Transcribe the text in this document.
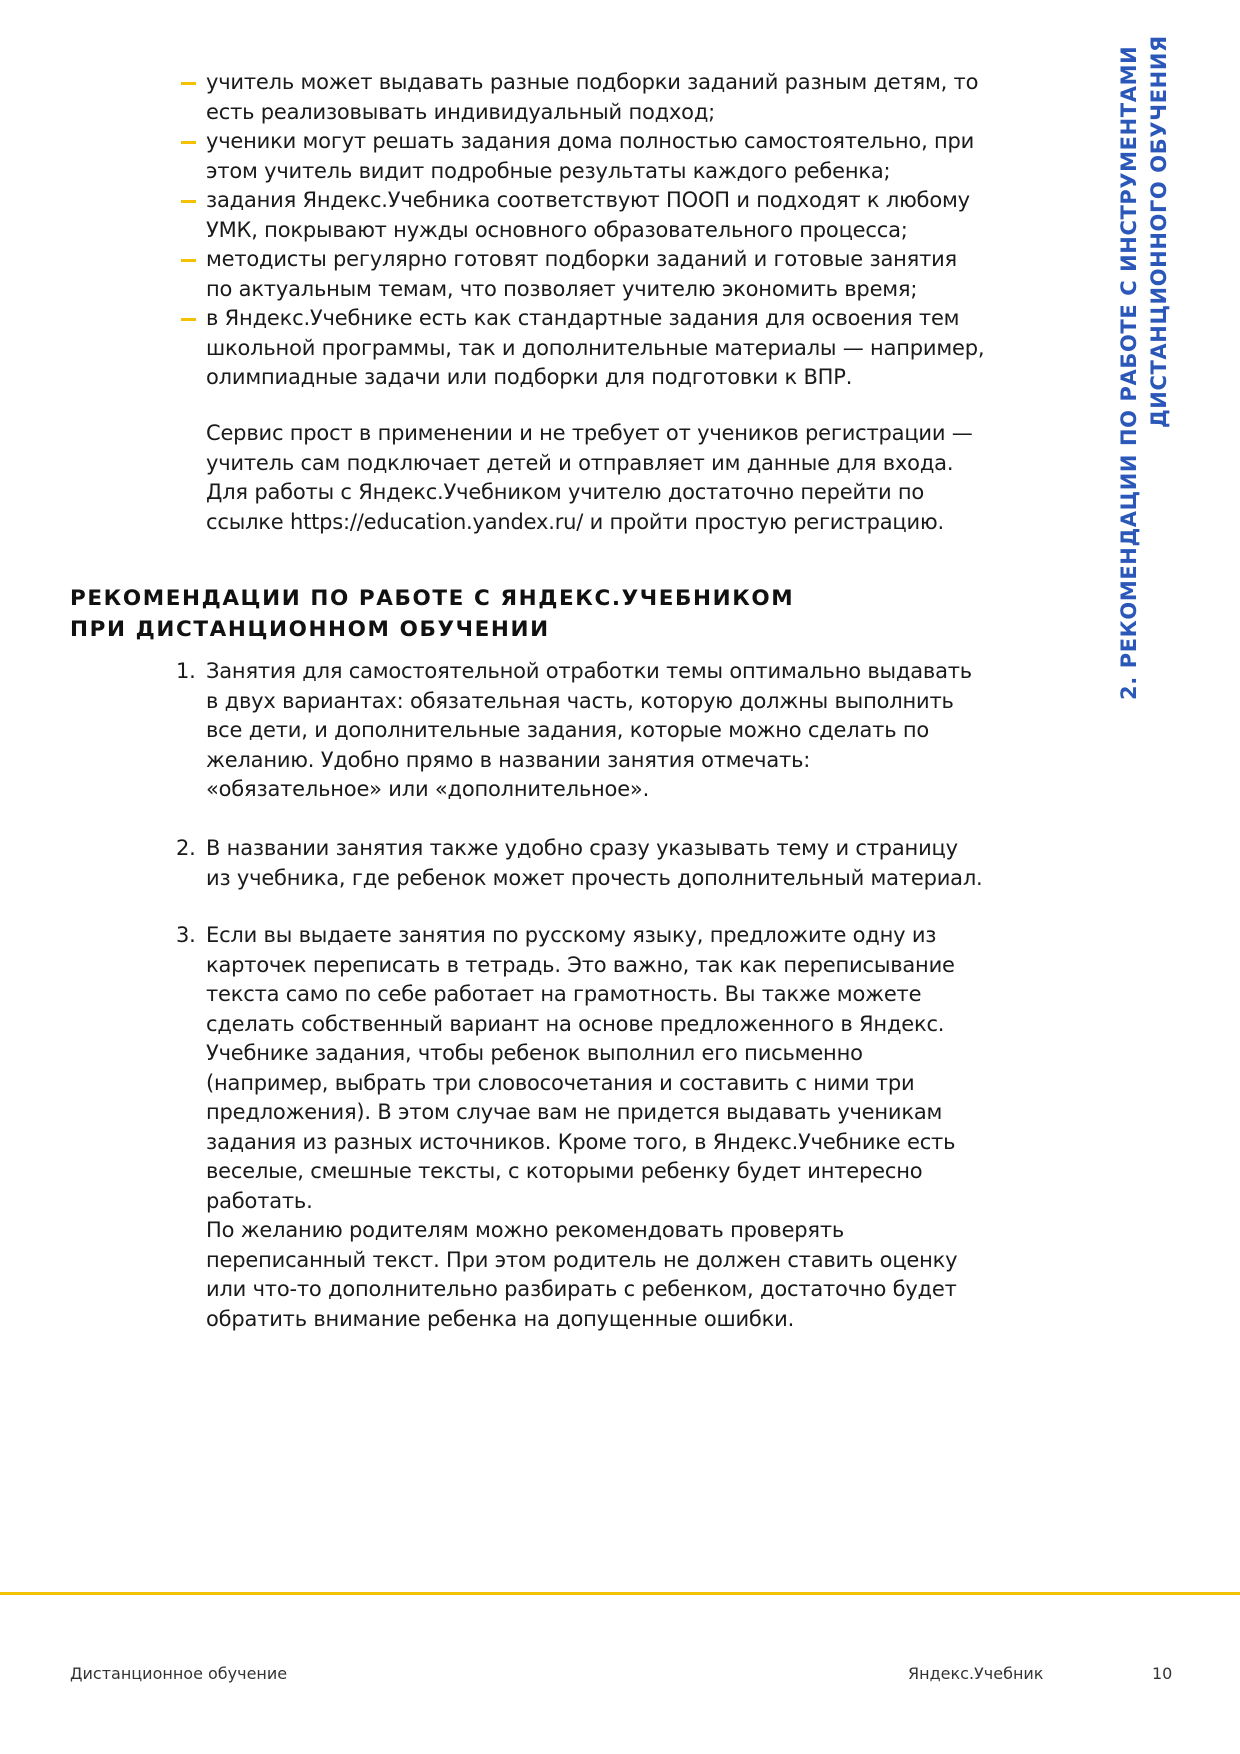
учитель может выдавать разные подборки заданий разным детям, то есть реализовывать индивидуальный подход;
ученики могут решать задания дома полностью самостоятельно, при этом учитель видит подробные результаты каждого ребенка;
задания Яндекс.Учебника соответствуют ПООП и подходят к любому УМК, покрывают нужды основного образовательного процесса;
методисты регулярно готовят подборки заданий и готовые занятия по актуальным темам, что позволяет учителю экономить время;
в Яндекс.Учебнике есть как стандартные задания для освоения тем школьной программы, так и дополнительные материалы — например, олимпиадные задачи или подборки для подготовки к ВПР.

Сервис прост в применении и не требует от учеников регистрации — учитель сам подключает детей и отправляет им данные для входа. Для работы с Яндекс.Учебником учителю достаточно перейти по ссылке https://education.yandex.ru/ и пройти простую регистрацию.

РЕКОМЕНДАЦИИ ПО РАБОТЕ С ЯНДЕКС.УЧЕБНИКОМ
ПРИ ДИСТАНЦИОННОМ ОБУЧЕНИИ
1. Занятия для самостоятельной отработки темы оптимально выдавать в двух вариантах: обязательная часть, которую должны выполнить все дети, и дополнительные задания, которые можно сделать по желанию. Удобно прямо в названии занятия отмечать: «обязательное» или «дополнительное».
2. В названии занятия также удобно сразу указывать тему и страницу из учебника, где ребенок может прочесть дополнительный материал.
3. Если вы выдаете занятия по русскому языку, предложите одну из карточек переписать в тетрадь. Это важно, так как переписывание текста само по себе работает на грамотность. Вы также можете сделать собственный вариант на основе предложенного в Яндекс. Учебнике задания, чтобы ребенок выполнил его письменно (например, выбрать три словосочетания и составить с ними три предложения). В этом случае вам не придется выдавать ученикам задания из разных источников. Кроме того, в Яндекс.Учебнике есть веселые, смешные тексты, с которыми ребенку будет интересно работать.

По желанию родителям можно рекомендовать проверять переписанный текст. При этом родитель не должен ставить оценку или что-то дополнительно разбирать с ребенком, достаточно будет обратить внимание ребенка на допущенные ошибки.

2. РЕКОМЕНДАЦИИ ПО РАБОТЕ С ИНСТРУМЕНТАМИ ДИСТАНЦИОННОГО ОБУЧЕНИЯ
Дистанционное обучение	Яндекс.Учебник	10
